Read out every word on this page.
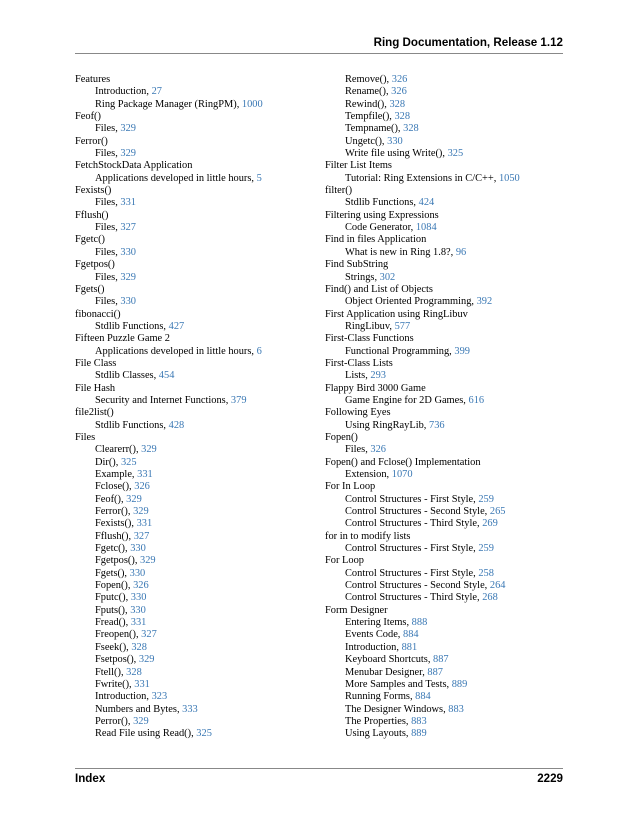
Ring Documentation, Release 1.12
Features
Introduction, 27
Ring Package Manager (RingPM), 1000
Feof()
Files, 329
Ferror()
Files, 329
FetchStockData Application
Applications developed in little hours, 5
Fexists()
Files, 331
Fflush()
Files, 327
Fgetc()
Files, 330
Fgetpos()
Files, 329
Fgets()
Files, 330
fibonacci()
Stdlib Functions, 427
Fifteen Puzzle Game 2
Applications developed in little hours, 6
File Class
Stdlib Classes, 454
File Hash
Security and Internet Functions, 379
file2list()
Stdlib Functions, 428
Files
Clearerr(), 329
Dir(), 325
Example, 331
Fclose(), 326
Feof(), 329
Ferror(), 329
Fexists(), 331
Fflush(), 327
Fgetc(), 330
Fgetpos(), 329
Fgets(), 330
Fopen(), 326
Fputc(), 330
Fputs(), 330
Fread(), 331
Freopen(), 327
Fseek(), 328
Fsetpos(), 329
Ftell(), 328
Fwrite(), 331
Introduction, 323
Numbers and Bytes, 333
Perror(), 329
Read File using Read(), 325
Remove(), 326
Rename(), 326
Rewind(), 328
Tempfile(), 328
Tempname(), 328
Ungetc(), 330
Write file using Write(), 325
Filter List Items
Tutorial: Ring Extensions in C/C++, 1050
filter()
Stdlib Functions, 424
Filtering using Expressions
Code Generator, 1084
Find in files Application
What is new in Ring 1.8?, 96
Find SubString
Strings, 302
Find() and List of Objects
Object Oriented Programming, 392
First Application using RingLibuv
RingLibuv, 577
First-Class Functions
Functional Programming, 399
First-Class Lists
Lists, 293
Flappy Bird 3000 Game
Game Engine for 2D Games, 616
Following Eyes
Using RingRayLib, 736
Fopen()
Files, 326
Fopen() and Fclose() Implementation
Extension, 1070
For In Loop
Control Structures - First Style, 259
Control Structures - Second Style, 265
Control Structures - Third Style, 269
for in to modify lists
Control Structures - First Style, 259
For Loop
Control Structures - First Style, 258
Control Structures - Second Style, 264
Control Structures - Third Style, 268
Form Designer
Entering Items, 888
Events Code, 884
Introduction, 881
Keyboard Shortcuts, 887
Menubar Designer, 887
More Samples and Tests, 889
Running Forms, 884
The Designer Windows, 883
The Properties, 883
Using Layouts, 889
Index	2229
